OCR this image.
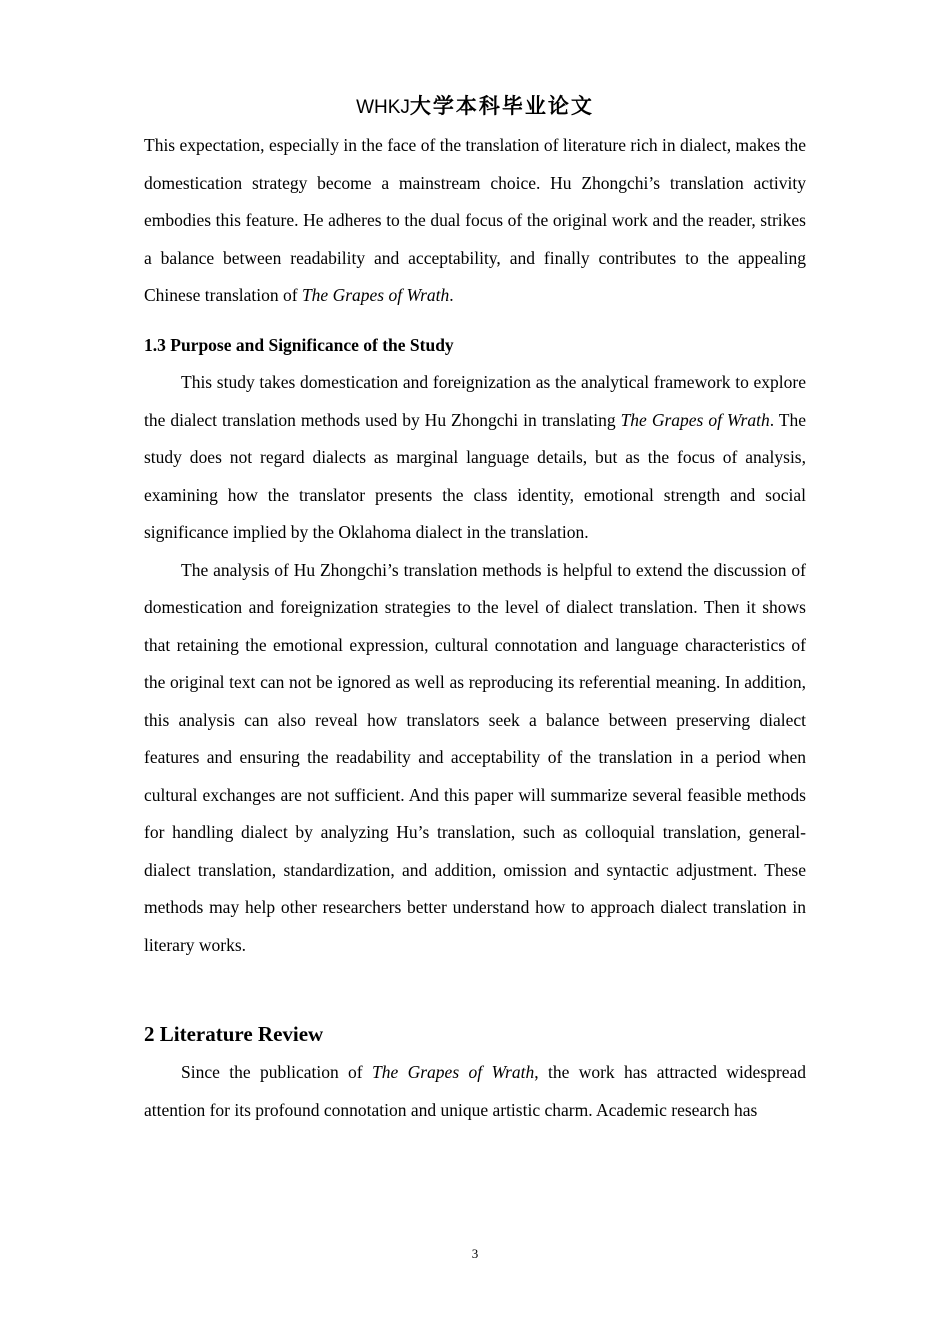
WHKJ大学本科毕业论文

This expectation, especially in the face of the translation of literature rich in dialect, makes the domestication strategy become a mainstream choice. Hu Zhongchi’s translation activity embodies this feature. He adheres to the dual focus of the original work and the reader, strikes a balance between readability and acceptability, and finally contributes to the appealing Chinese translation of The Grapes of Wrath.

1.3 Purpose and Significance of the Study

This study takes domestication and foreignization as the analytical framework to explore the dialect translation methods used by Hu Zhongchi in translating The Grapes of Wrath. The study does not regard dialects as marginal language details, but as the focus of analysis, examining how the translator presents the class identity, emotional strength and social significance implied by the Oklahoma dialect in the translation.

The analysis of Hu Zhongchi’s translation methods is helpful to extend the discussion of domestication and foreignization strategies to the level of dialect translation. Then it shows that retaining the emotional expression, cultural connotation and language characteristics of the original text can not be ignored as well as reproducing its referential meaning. In addition, this analysis can also reveal how translators seek a balance between preserving dialect features and ensuring the readability and acceptability of the translation in a period when cultural exchanges are not sufficient. And this paper will summarize several feasible methods for handling dialect by analyzing Hu’s translation, such as colloquial translation, general-dialect translation, standardization, and addition, omission and syntactic adjustment. These methods may help other researchers better understand how to approach dialect translation in literary works.

2 Literature Review

Since the publication of The Grapes of Wrath, the work has attracted widespread attention for its profound connotation and unique artistic charm. Academic research has

3
